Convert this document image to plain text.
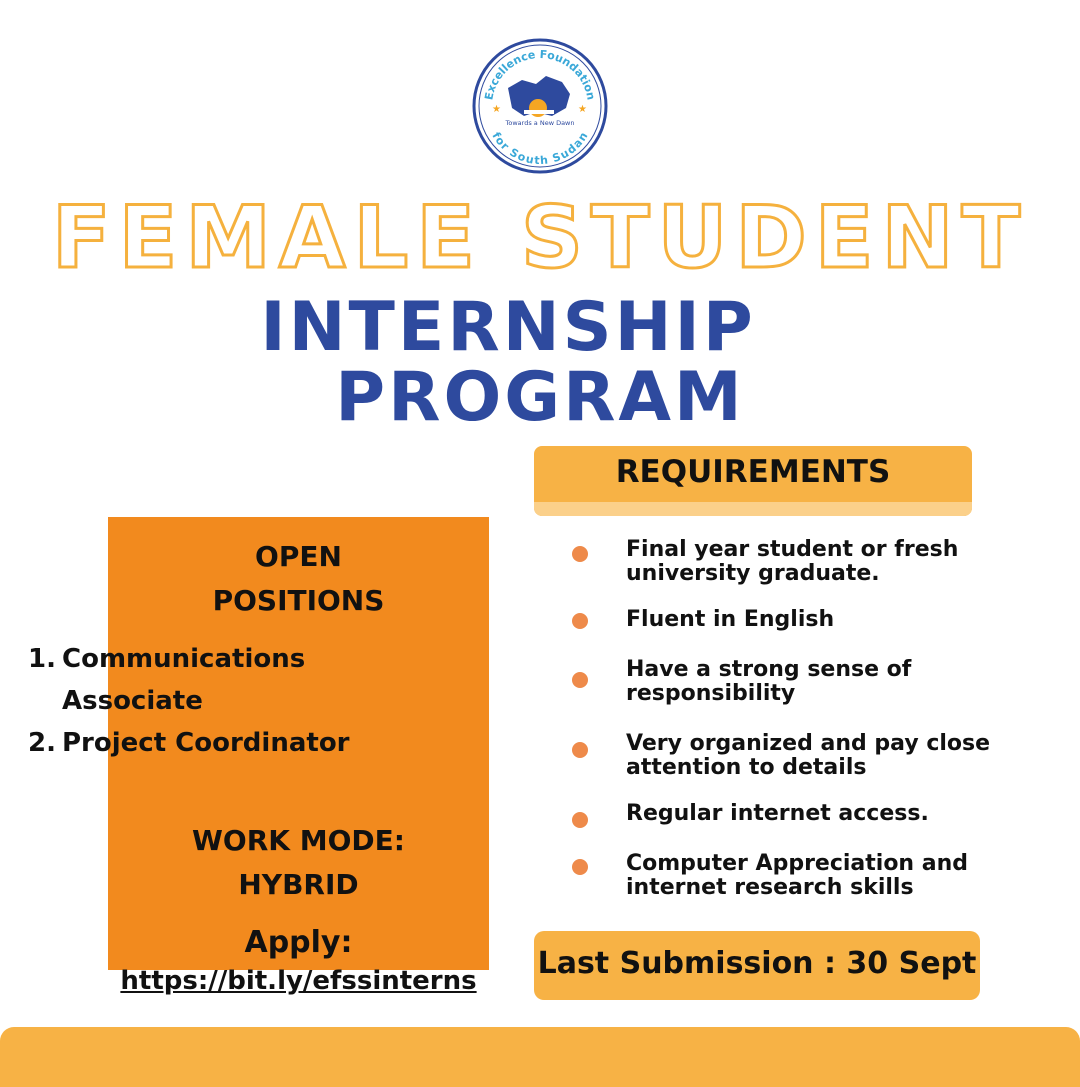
Excellence Foundation
for South Sudan
Towards a New Dawn
★	★
FEMALE STUDENT
INTERNSHIP
PROGRAM
REQUIREMENTS
OPEN
POSITIONS
WORK MODE:
HYBRID
Apply:
1. Communications
Associate
2. Project Coordinator
https://bit.ly/efssinterns
Final year student or fresh university graduate.
Fluent in English
Have a strong sense of responsibility
Very organized and pay close attention to details
Regular internet access.
Computer Appreciation and internet research skills
Last Submission : 30 Sept
